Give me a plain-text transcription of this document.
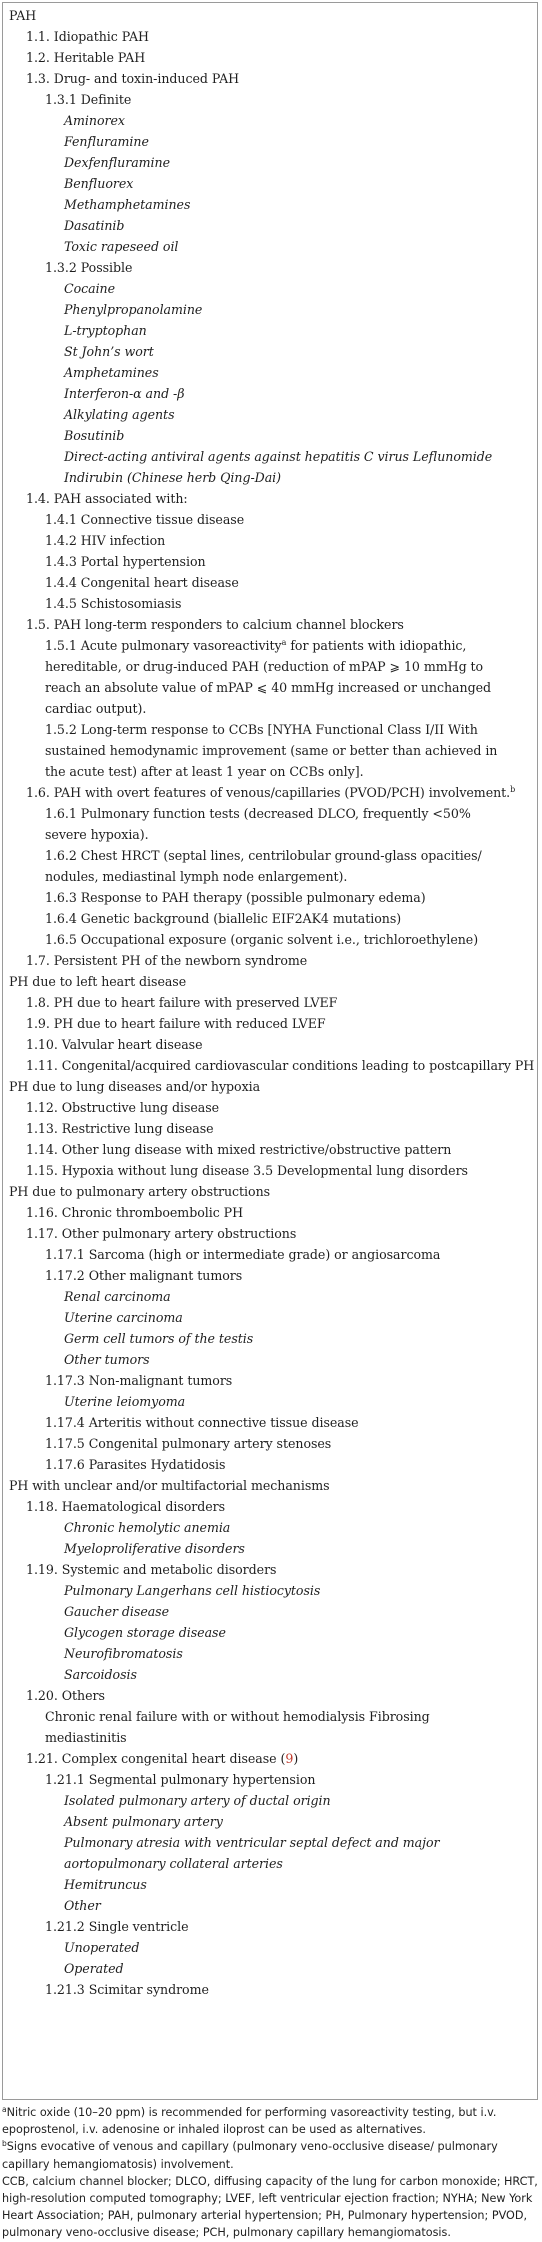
PAH
1.1. Idiopathic PAH
1.2. Heritable PAH
1.3. Drug- and toxin-induced PAH
1.3.1 Definite
Aminorex
Fenfluramine
Dexfenfluramine
Benfluorex
Methamphetamines
Dasatinib
Toxic rapeseed oil
1.3.2 Possible
Cocaine
Phenylpropanolamine
L-tryptophan
St John’s wort
Amphetamines
Interferon-α and -β
Alkylating agents
Bosutinib
Direct-acting antiviral agents against hepatitis C virus Leflunomide
Indirubin (Chinese herb Qing-Dai)
1.4. PAH associated with:
1.4.1 Connective tissue disease
1.4.2 HIV infection
1.4.3 Portal hypertension
1.4.4 Congenital heart disease
1.4.5 Schistosomiasis
1.5. PAH long-term responders to calcium channel blockers
1.5.1 Acute pulmonary vasoreactivity$^a$ for patients with idiopathic, hereditable, or drug-induced PAH (reduction of mPAP ⩾ 10 mmHg to reach an absolute value of mPAP ⩽ 40 mmHg increased or unchanged cardiac output).
1.5.2 Long-term response to CCBs [NYHA Functional Class I/II With sustained hemodynamic improvement (same or better than achieved in the acute test) after at least 1 year on CCBs only].
1.6. PAH with overt features of venous/capillaries (PVOD/PCH) involvement.$^b$
1.6.1 Pulmonary function tests (decreased DLCO, frequently <50% severe hypoxia).
1.6.2 Chest HRCT (septal lines, centrilobular ground-glass opacities/ nodules, mediastinal lymph node enlargement).
1.6.3 Response to PAH therapy (possible pulmonary edema)
1.6.4 Genetic background (biallelic EIF2AK4 mutations)
1.6.5 Occupational exposure (organic solvent i.e., trichloroethylene)
1.7. Persistent PH of the newborn syndrome
PH due to left heart disease
1.8. PH due to heart failure with preserved LVEF
1.9. PH due to heart failure with reduced LVEF
1.10. Valvular heart disease
1.11. Congenital/acquired cardiovascular conditions leading to postcapillary PH
PH due to lung diseases and/or hypoxia
1.12. Obstructive lung disease
1.13. Restrictive lung disease
1.14. Other lung disease with mixed restrictive/obstructive pattern
1.15. Hypoxia without lung disease 3.5 Developmental lung disorders
PH due to pulmonary artery obstructions
1.16. Chronic thromboembolic PH
1.17. Other pulmonary artery obstructions
1.17.1 Sarcoma (high or intermediate grade) or angiosarcoma
1.17.2 Other malignant tumors
Renal carcinoma
Uterine carcinoma
Germ cell tumors of the testis
Other tumors
1.17.3 Non-malignant tumors
Uterine leiomyoma
1.17.4 Arteritis without connective tissue disease
1.17.5 Congenital pulmonary artery stenoses
1.17.6 Parasites Hydatidosis
PH with unclear and/or multifactorial mechanisms
1.18. Haematological disorders
Chronic hemolytic anemia
Myeloproliferative disorders
1.19. Systemic and metabolic disorders
Pulmonary Langerhans cell histiocytosis
Gaucher disease
Glycogen storage disease
Neurofibromatosis
Sarcoidosis
1.20. Others
Chronic renal failure with or without hemodialysis Fibrosing mediastinitis
1.21. Complex congenital heart disease (9)
1.21.1 Segmental pulmonary hypertension
Isolated pulmonary artery of ductal origin
Absent pulmonary artery
Pulmonary atresia with ventricular septal defect and major aortopulmonary collateral arteries
Hemitruncus
Other
1.21.2 Single ventricle
Unoperated
Operated
1.21.3 Scimitar syndrome

$^a$Nitric oxide (10–20 ppm) is recommended for performing vasoreactivity testing, but i.v. epoprostenol, i.v. adenosine or inhaled iloprost can be used as alternatives.

$^b$Signs evocative of venous and capillary (pulmonary veno-occlusive disease/ pulmonary capillary hemangiomatosis) involvement.

CCB, calcium channel blocker; DLCO, diffusing capacity of the lung for carbon monoxide; HRCT, high-resolution computed tomography; LVEF, left ventricular ejection fraction; NYHA; New York Heart Association; PAH, pulmonary arterial hypertension; PH, Pulmonary hypertension; PVOD, pulmonary veno-occlusive disease; PCH, pulmonary capillary hemangiomatosis.
